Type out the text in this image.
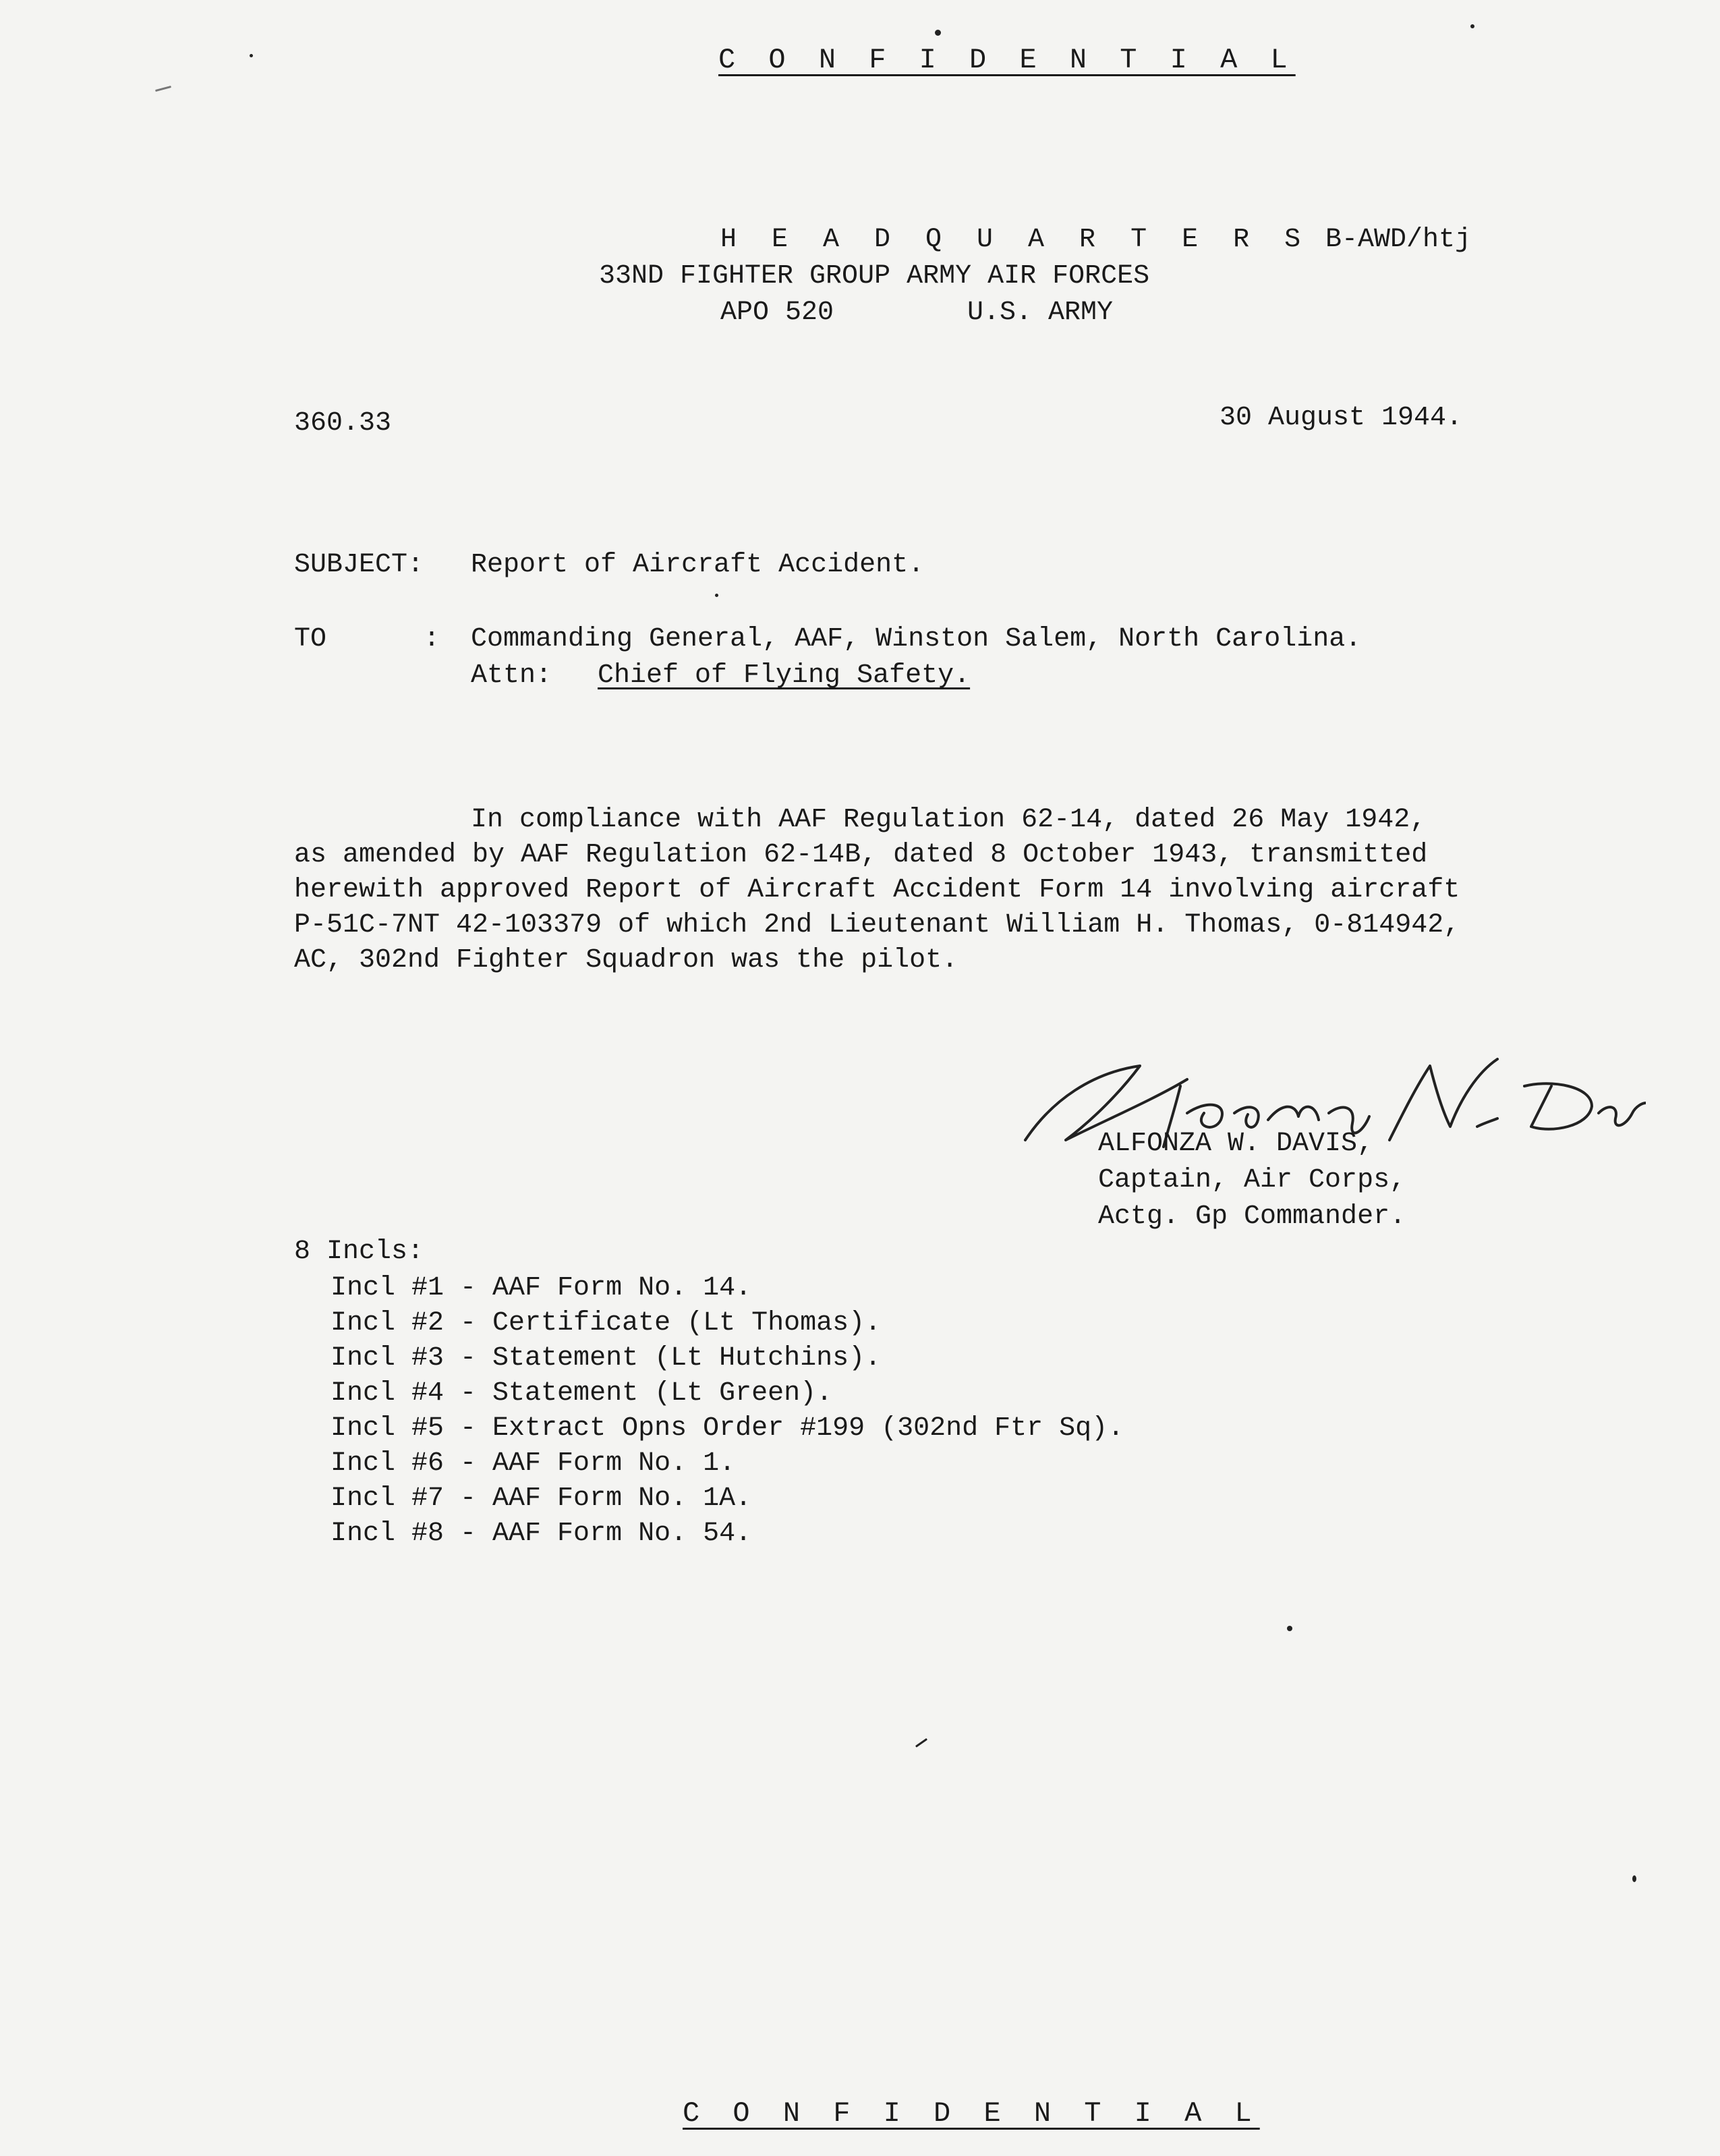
C O N F I D E N T I A L
H E A D Q U A R T E R S B-AWD/htj
33ND FIGHTER GROUP ARMY AIR FORCES
APO 520	U.S. ARMY
360.33	30 August 1944.
SUBJECT: Report of Aircraft Accident.
TO	: Commanding General, AAF, Winston Salem, North Carolina.
Attn: Chief of Flying Safety.
In compliance with AAF Regulation 62-14, dated 26 May 1942,
as amended by AAF Regulation 62-14B, dated 8 October 1943, transmitted
herewith approved Report of Aircraft Accident Form 14 involving aircraft
P-51C-7NT 42-103379 of which 2nd Lieutenant William H. Thomas, 0-814942,
AC, 302nd Fighter Squadron was the pilot.
ALFONZA W. DAVIS,
Captain, Air Corps,
Actg. Gp Commander.
8 Incls:
Incl #1 - AAF Form No. 14.
Incl #2 - Certificate (Lt Thomas).
Incl #3 - Statement (Lt Hutchins).
Incl #4 - Statement (Lt Green).
Incl #5 - Extract Opns Order #199 (302nd Ftr Sq).
Incl #6 - AAF Form No. 1.
Incl #7 - AAF Form No. 1A.
Incl #8 - AAF Form No. 54.
C O N F I D E N T I A L
